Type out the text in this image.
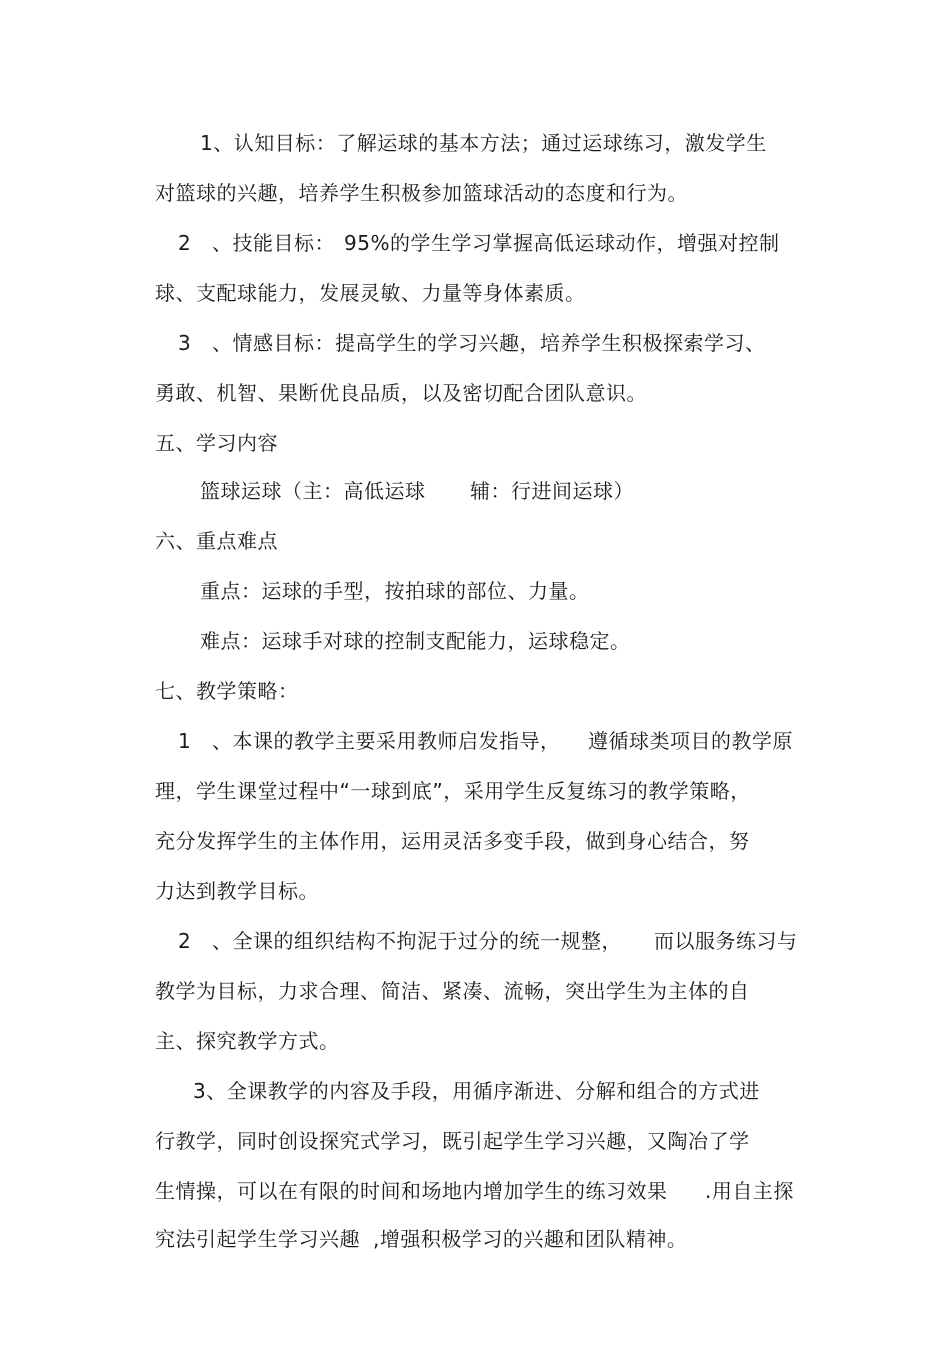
1、认知目标：了解运球的基本方法；通过运球练习，激发学生
对篮球的兴趣，培养学生积极参加篮球活动的态度和行为。
2 、技能目标： 95%的学生学习掌握高低运球动作，增强对控制
球、支配球能力，发展灵敏、力量等身体素质。
3 、情感目标：提高学生的学习兴趣，培养学生积极探索学习、
勇敢、机智、果断优良品质，以及密切配合团队意识。
五、学习内容
篮球运球（主：高低运球 辅：行进间运球）
六、重点难点
重点：运球的手型，按拍球的部位、力量。
难点：运球手对球的控制支配能力，运球稳定。
七、教学策略：
1 、本课的教学主要采用教师启发指导， 遵循球类项目的教学原
理，学生课堂过程中“一球到底”，采用学生反复练习的教学策略，
充分发挥学生的主体作用，运用灵活多变手段，做到身心结合，努
力达到教学目标。
2 、全课的组织结构不拘泥于过分的统一规整， 而以服务练习与
教学为目标，力求合理、简洁、紧凑、流畅，突出学生为主体的自
主、探究教学方式。
3、全课教学的内容及手段，用循序渐进、分解和组合的方式进
行教学，同时创设探究式学习，既引起学生学习兴趣，又陶冶了学
生情操，可以在有限的时间和场地内增加学生的练习效果 .用自主探
究法引起学生学习兴趣 ,增强积极学习的兴趣和团队精神。
